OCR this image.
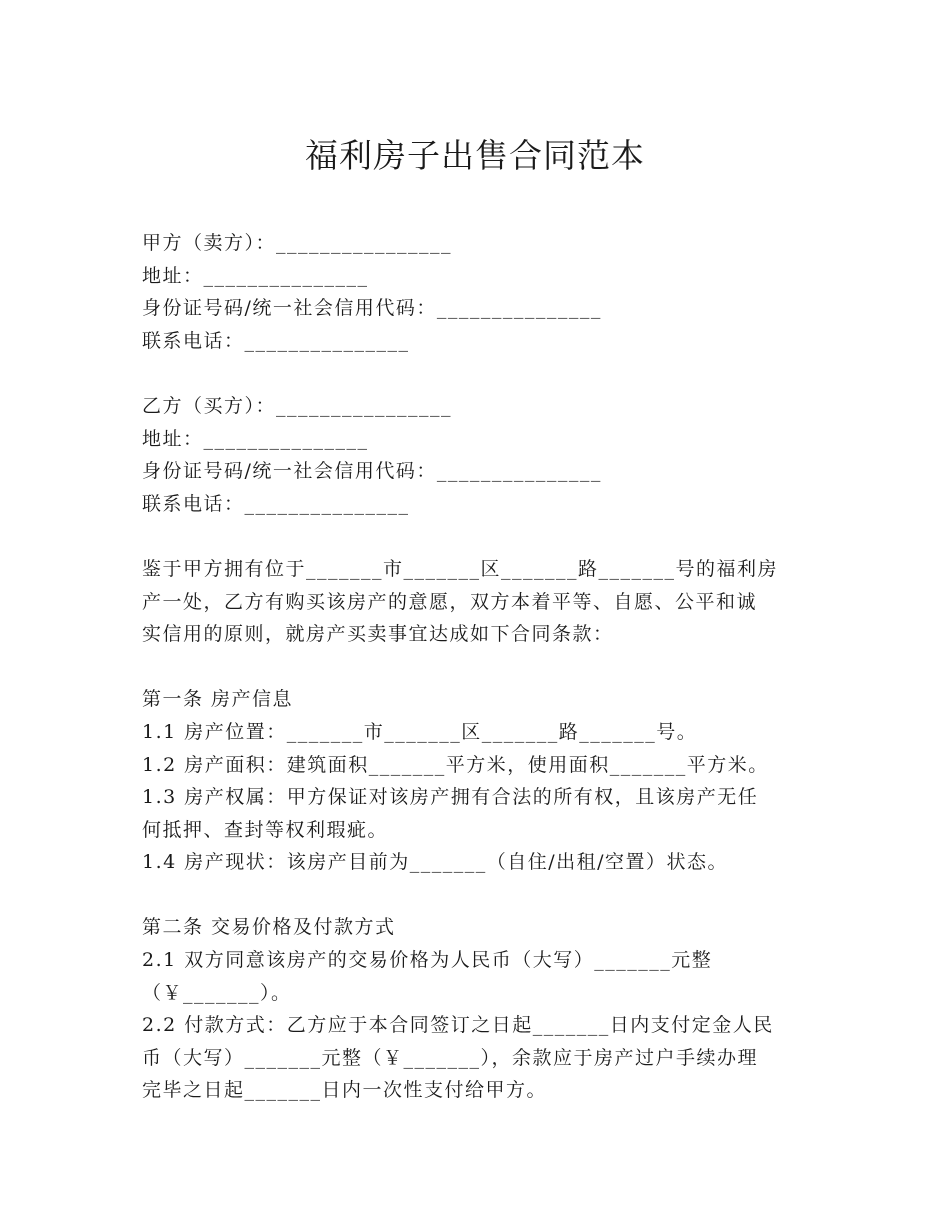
福利房子出售合同范本
甲方（卖方）：________________
地址：_______________
身份证号码/统一社会信用代码：_______________
联系电话：_______________
乙方（买方）：________________
地址：_______________
身份证号码/统一社会信用代码：_______________
联系电话：_______________
鉴于甲方拥有位于_______市_______区_______路_______号的福利房
产一处，乙方有购买该房产的意愿，双方本着平等、自愿、公平和诚
实信用的原则，就房产买卖事宜达成如下合同条款：
第一条 房产信息
1.1 房产位置：_______市_______区_______路_______号。
1.2 房产面积：建筑面积_______平方米，使用面积_______平方米。
1.3 房产权属：甲方保证对该房产拥有合法的所有权，且该房产无任
何抵押、查封等权利瑕疵。
1.4 房产现状：该房产目前为_______（自住/出租/空置）状态。
第二条 交易价格及付款方式
2.1 双方同意该房产的交易价格为人民币（大写）_______元整
（￥_______）。
2.2 付款方式：乙方应于本合同签订之日起_______日内支付定金人民
币（大写）_______元整（￥_______），余款应于房产过户手续办理
完毕之日起_______日内一次性支付给甲方。
